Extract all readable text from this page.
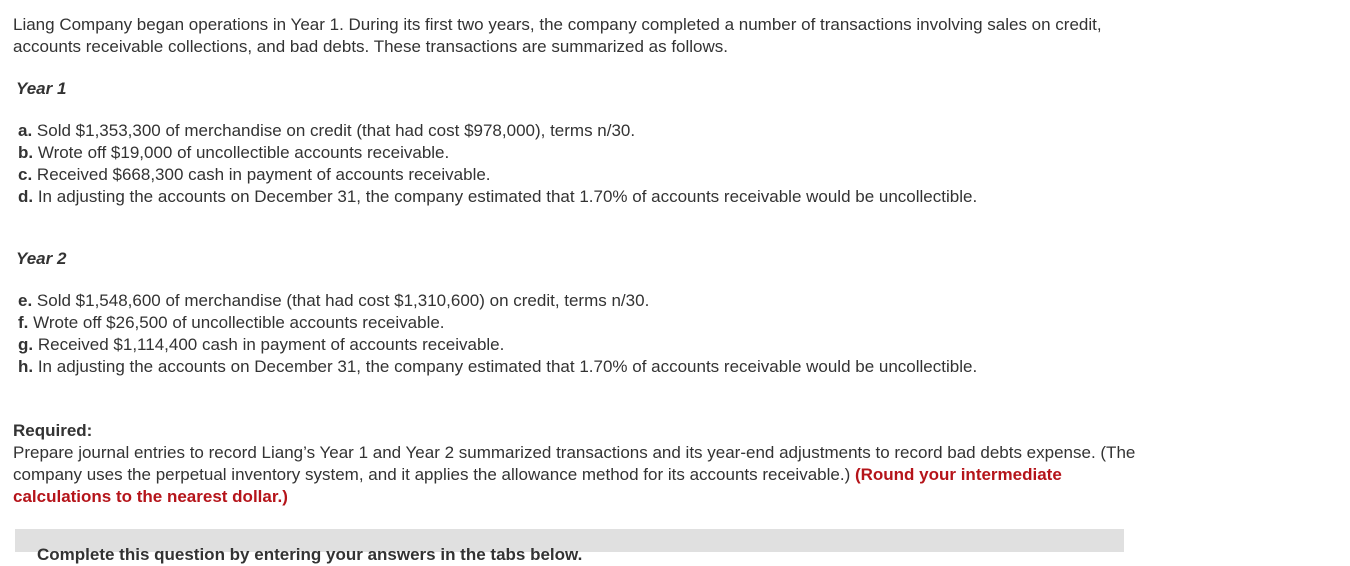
Liang Company began operations in Year 1. During its first two years, the company completed a number of transactions involving sales on credit, accounts receivable collections, and bad debts. These transactions are summarized as follows.

Year 1

a. Sold $1,353,300 of merchandise on credit (that had cost $978,000), terms n/30.
b. Wrote off $19,000 of uncollectible accounts receivable.
c. Received $668,300 cash in payment of accounts receivable.
d. In adjusting the accounts on December 31, the company estimated that 1.70% of accounts receivable would be uncollectible.

Year 2

e. Sold $1,548,600 of merchandise (that had cost $1,310,600) on credit, terms n/30.
f. Wrote off $26,500 of uncollectible accounts receivable.
g. Received $1,114,400 cash in payment of accounts receivable.
h. In adjusting the accounts on December 31, the company estimated that 1.70% of accounts receivable would be uncollectible.

Required:

Prepare journal entries to record Liang’s Year 1 and Year 2 summarized transactions and its year-end adjustments to record bad debts expense. (The company uses the perpetual inventory system, and it applies the allowance method for its accounts receivable.) (Round your intermediate calculations to the nearest dollar.)

Complete this question by entering your answers in the tabs below.
